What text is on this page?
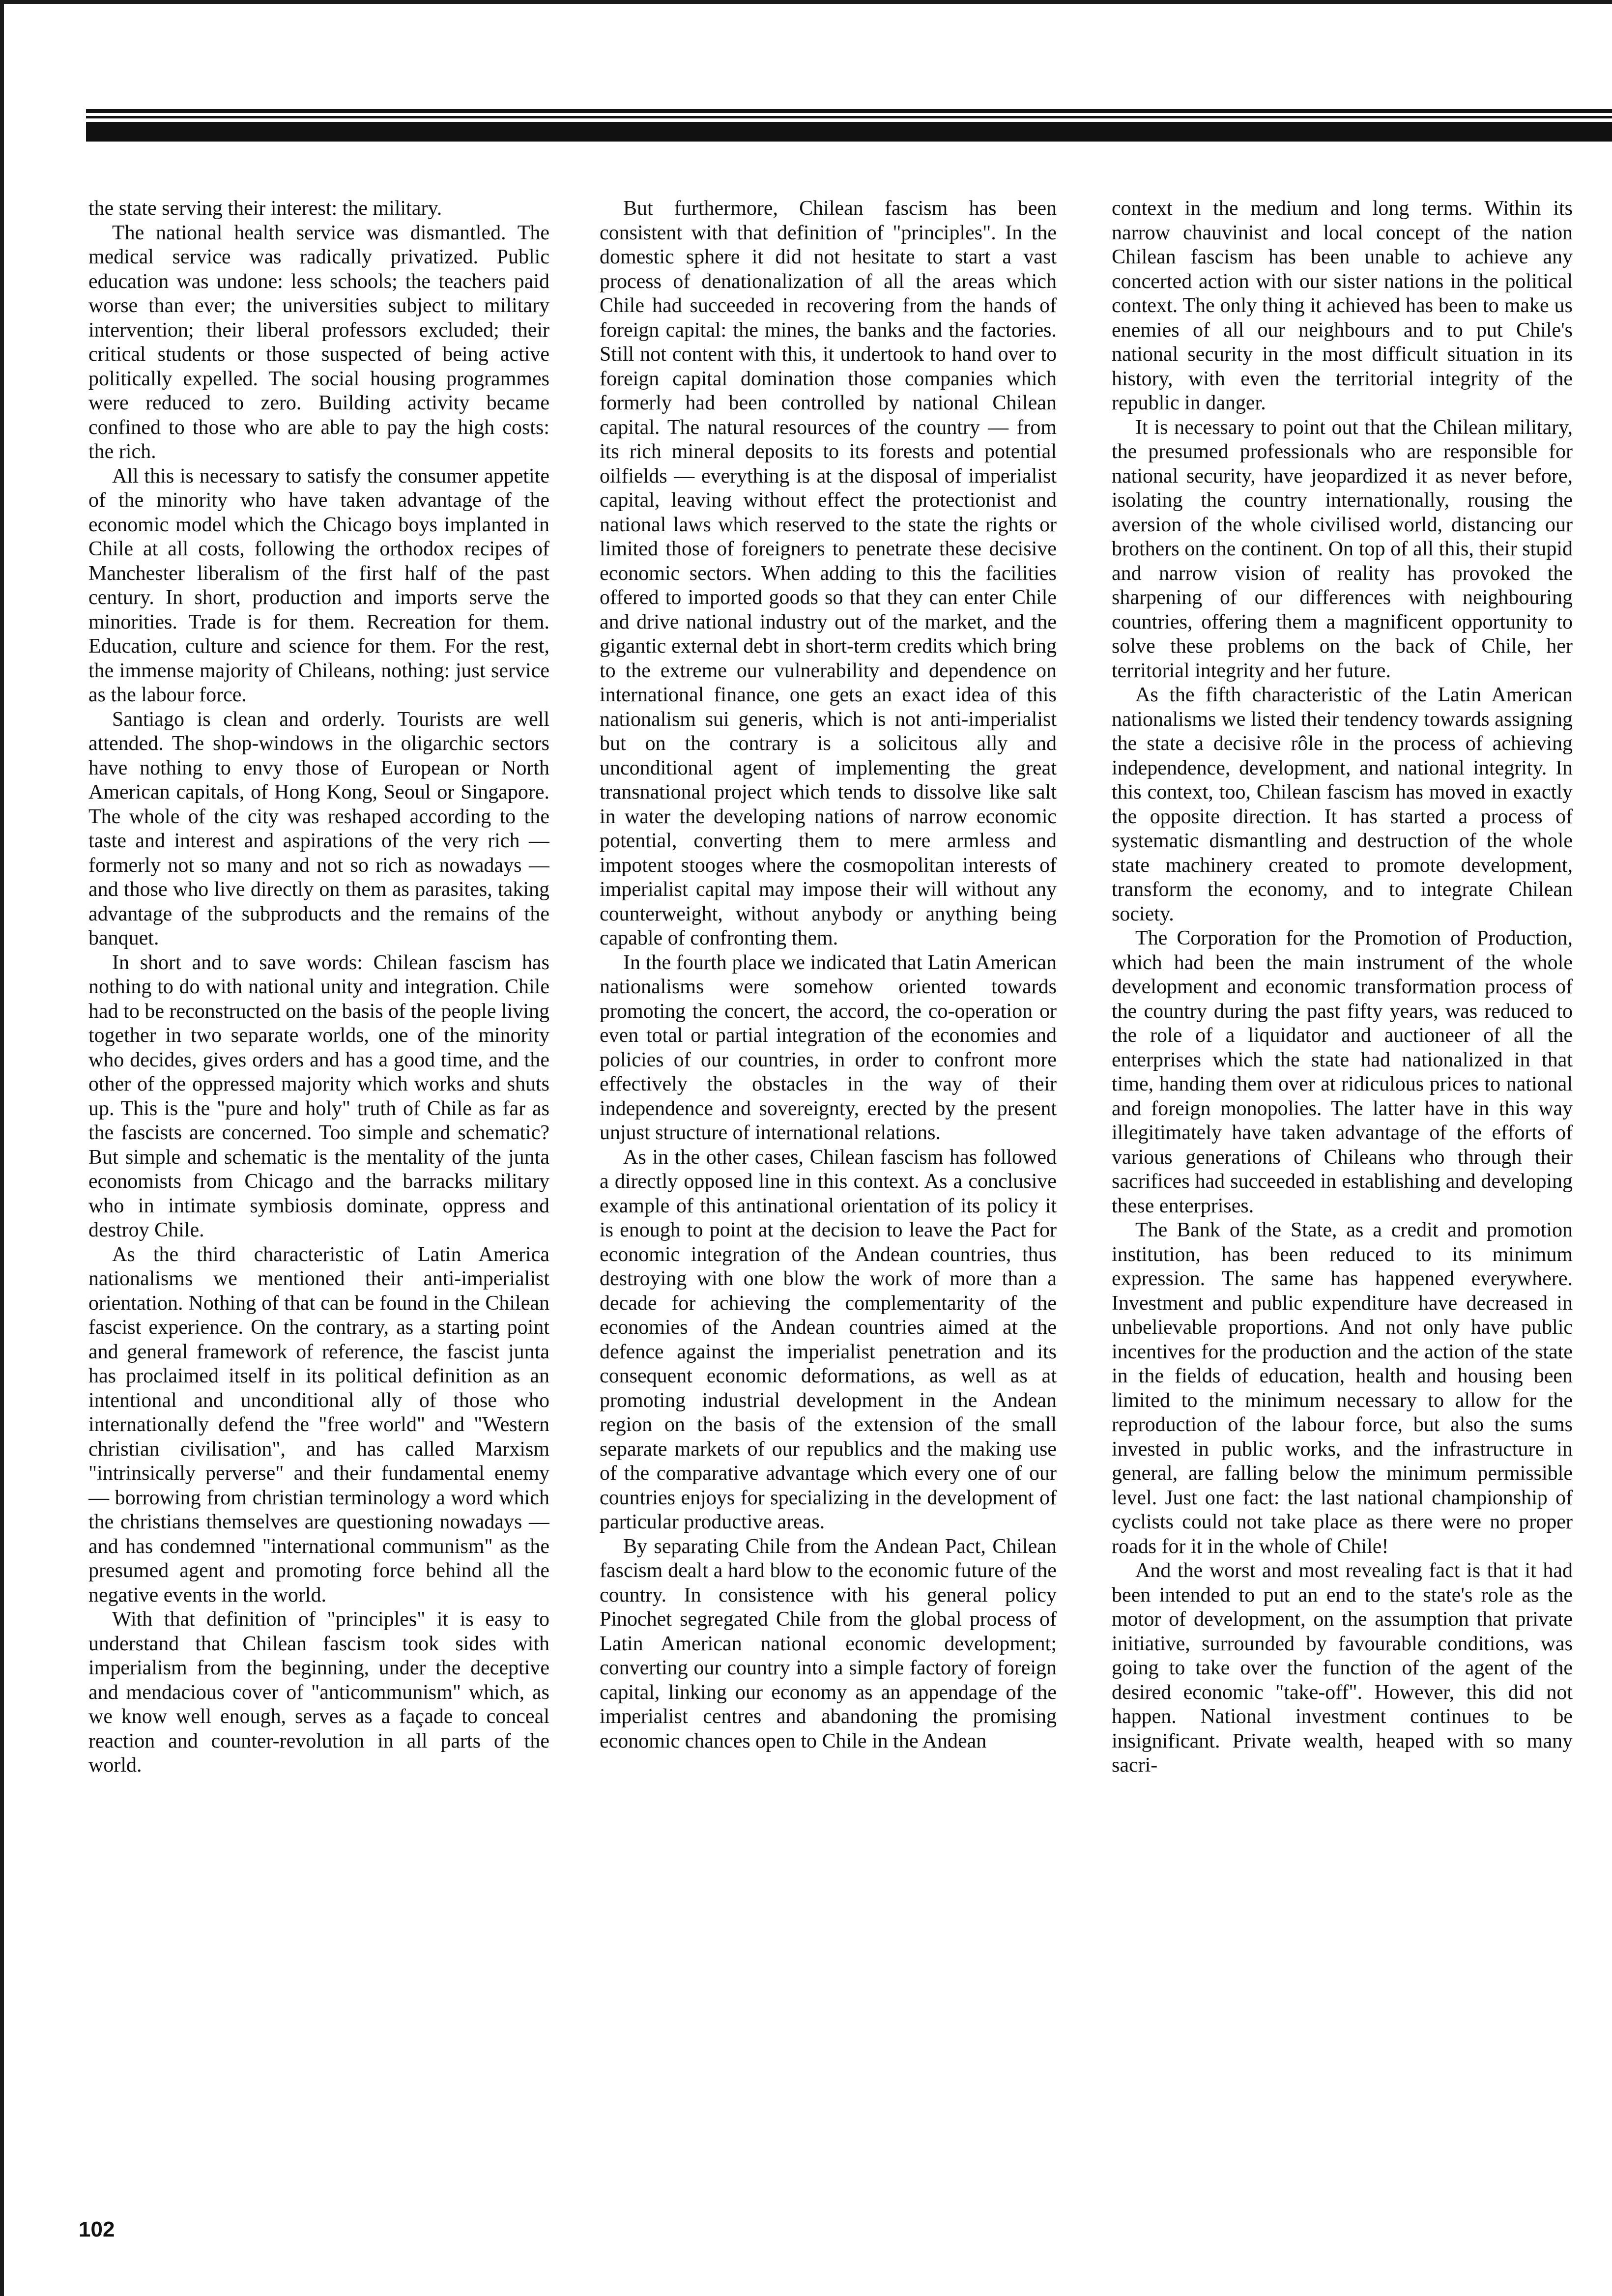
the state serving their interest: the military.

The national health service was dismantled. The medical service was radically privatized. Public education was undone: less schools; the teachers paid worse than ever; the universities subject to military intervention; their liberal professors excluded; their critical students or those suspected of being active politically expelled. The social housing programmes were reduced to zero. Building activity became confined to those who are able to pay the high costs: the rich.

All this is necessary to satisfy the consumer appetite of the minority who have taken advantage of the economic model which the Chicago boys implanted in Chile at all costs, following the orthodox recipes of Manchester liberalism of the first half of the past century. In short, production and imports serve the minorities. Trade is for them. Recreation for them. Education, culture and science for them. For the rest, the immense majority of Chileans, nothing: just service as the labour force.

Santiago is clean and orderly. Tourists are well attended. The shop-windows in the oligarchic sectors have nothing to envy those of European or North American capitals, of Hong Kong, Seoul or Singapore. The whole of the city was reshaped according to the taste and interest and aspirations of the very rich — formerly not so many and not so rich as nowadays — and those who live directly on them as parasites, taking advantage of the subproducts and the remains of the banquet.

In short and to save words: Chilean fascism has nothing to do with national unity and integration. Chile had to be reconstructed on the basis of the people living together in two separate worlds, one of the minority who decides, gives orders and has a good time, and the other of the oppressed majority which works and shuts up. This is the "pure and holy" truth of Chile as far as the fascists are concerned. Too simple and schematic? But simple and schematic is the mentality of the junta economists from Chicago and the barracks military who in intimate symbiosis dominate, oppress and destroy Chile.

As the third characteristic of Latin America nationalisms we mentioned their anti-imperialist orientation. Nothing of that can be found in the Chilean fascist experience. On the contrary, as a starting point and general framework of reference, the fascist junta has proclaimed itself in its political definition as an intentional and unconditional ally of those who internationally defend the "free world" and "Western christian civilisation", and has called Marxism "intrinsically perverse" and their fundamental enemy — borrowing from christian terminology a word which the christians themselves are questioning nowadays — and has condemned "international communism" as the presumed agent and promoting force behind all the negative events in the world.

With that definition of "principles" it is easy to understand that Chilean fascism took sides with imperialism from the beginning, under the deceptive and mendacious cover of "anticommunism" which, as we know well enough, serves as a façade to conceal reaction and counter-revolution in all parts of the world.

But furthermore, Chilean fascism has been consistent with that definition of "principles". In the domestic sphere it did not hesitate to start a vast process of denationalization of all the areas which Chile had succeeded in recovering from the hands of foreign capital: the mines, the banks and the factories. Still not content with this, it undertook to hand over to foreign capital domination those companies which formerly had been controlled by national Chilean capital. The natural resources of the country — from its rich mineral deposits to its forests and potential oilfields — everything is at the disposal of imperialist capital, leaving without effect the protectionist and national laws which reserved to the state the rights or limited those of foreigners to penetrate these decisive economic sectors. When adding to this the facilities offered to imported goods so that they can enter Chile and drive national industry out of the market, and the gigantic external debt in short-term credits which bring to the extreme our vulnerability and dependence on international finance, one gets an exact idea of this nationalism sui generis, which is not anti-imperialist but on the contrary is a solicitous ally and unconditional agent of implementing the great transnational project which tends to dissolve like salt in water the developing nations of narrow economic potential, converting them to mere armless and impotent stooges where the cosmopolitan interests of imperialist capital may impose their will without any counterweight, without anybody or anything being capable of confronting them.

In the fourth place we indicated that Latin American nationalisms were somehow oriented towards promoting the concert, the accord, the co-operation or even total or partial integration of the economies and policies of our countries, in order to confront more effectively the obstacles in the way of their independence and sovereignty, erected by the present unjust structure of international relations.

As in the other cases, Chilean fascism has followed a directly opposed line in this context. As a conclusive example of this antinational orientation of its policy it is enough to point at the decision to leave the Pact for economic integration of the Andean countries, thus destroying with one blow the work of more than a decade for achieving the complementarity of the economies of the Andean countries aimed at the defence against the imperialist penetration and its consequent economic deformations, as well as at promoting industrial development in the Andean region on the basis of the extension of the small separate markets of our republics and the making use of the comparative advantage which every one of our countries enjoys for specializing in the development of particular productive areas.

By separating Chile from the Andean Pact, Chilean fascism dealt a hard blow to the economic future of the country. In consistence with his general policy Pinochet segregated Chile from the global process of Latin American national economic development; converting our country into a simple factory of foreign capital, linking our economy as an appendage of the imperialist centres and abandoning the promising economic chances open to Chile in the Andean

context in the medium and long terms. Within its narrow chauvinist and local concept of the nation Chilean fascism has been unable to achieve any concerted action with our sister nations in the political context. The only thing it achieved has been to make us enemies of all our neighbours and to put Chile's national security in the most difficult situation in its history, with even the territorial integrity of the republic in danger.

It is necessary to point out that the Chilean military, the presumed professionals who are responsible for national security, have jeopardized it as never before, isolating the country internationally, rousing the aversion of the whole civilised world, distancing our brothers on the continent. On top of all this, their stupid and narrow vision of reality has provoked the sharpening of our differences with neighbouring countries, offering them a magnificent opportunity to solve these problems on the back of Chile, her territorial integrity and her future.

As the fifth characteristic of the Latin American nationalisms we listed their tendency towards assigning the state a decisive rôle in the process of achieving independence, development, and national integrity. In this context, too, Chilean fascism has moved in exactly the opposite direction. It has started a process of systematic dismantling and destruction of the whole state machinery created to promote development, transform the economy, and to integrate Chilean society.

The Corporation for the Promotion of Production, which had been the main instrument of the whole development and economic transformation process of the country during the past fifty years, was reduced to the role of a liquidator and auctioneer of all the enterprises which the state had nationalized in that time, handing them over at ridiculous prices to national and foreign monopolies. The latter have in this way illegitimately have taken advantage of the efforts of various generations of Chileans who through their sacrifices had succeeded in establishing and developing these enterprises.

The Bank of the State, as a credit and promotion institution, has been reduced to its minimum expression. The same has happened everywhere. Investment and public expenditure have decreased in unbelievable proportions. And not only have public incentives for the production and the action of the state in the fields of education, health and housing been limited to the minimum necessary to allow for the reproduction of the labour force, but also the sums invested in public works, and the infrastructure in general, are falling below the minimum permissible level. Just one fact: the last national championship of cyclists could not take place as there were no proper roads for it in the whole of Chile!

And the worst and most revealing fact is that it had been intended to put an end to the state's role as the motor of development, on the assumption that private initiative, surrounded by favourable conditions, was going to take over the function of the agent of the desired economic "take-off". However, this did not happen. National investment continues to be insignificant. Private wealth, heaped with so many sacri-

102
